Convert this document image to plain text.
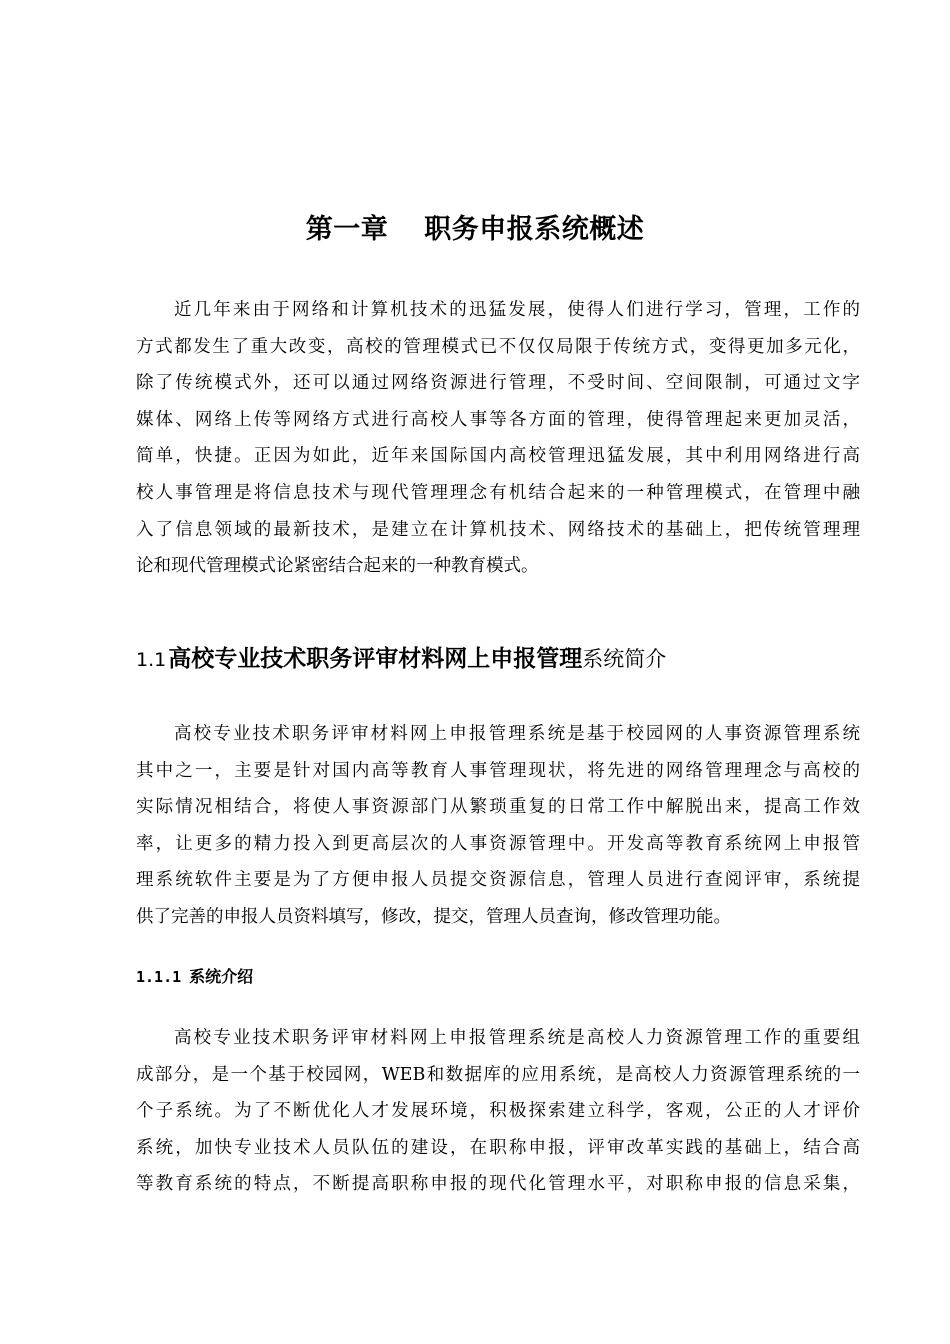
第一章 职务申报系统概述
近几年来由于网络和计算机技术的迅猛发展，使得人们进行学习，管理，工作的
方式都发生了重大改变，高校的管理模式已不仅仅局限于传统方式，变得更加多元化，
除了传统模式外，还可以通过网络资源进行管理，不受时间、空间限制，可通过文字
媒体、网络上传等网络方式进行高校人事等各方面的管理，使得管理起来更加灵活，
简单，快捷。正因为如此，近年来国际国内高校管理迅猛发展，其中利用网络进行高
校人事管理是将信息技术与现代管理理念有机结合起来的一种管理模式，在管理中融
入了信息领域的最新技术，是建立在计算机技术、网络技术的基础上，把传统管理理
论和现代管理模式论紧密结合起来的一种教育模式。
1.1高校专业技术职务评审材料网上申报管理系统简介
高校专业技术职务评审材料网上申报管理系统是基于校园网的人事资源管理系统
其中之一，主要是针对国内高等教育人事管理现状，将先进的网络管理理念与高校的
实际情况相结合，将使人事资源部门从繁琐重复的日常工作中解脱出来，提高工作效
率，让更多的精力投入到更高层次的人事资源管理中。开发高等教育系统网上申报管
理系统软件主要是为了方便申报人员提交资源信息，管理人员进行查阅评审，系统提
供了完善的申报人员资料填写，修改，提交，管理人员查询，修改管理功能。
1.1.1 系统介绍
高校专业技术职务评审材料网上申报管理系统是高校人力资源管理工作的重要组
成部分，是一个基于校园网，WEB和数据库的应用系统，是高校人力资源管理系统的一
个子系统。为了不断优化人才发展环境，积极探索建立科学，客观，公正的人才评价
系统，加快专业技术人员队伍的建设，在职称申报，评审改革实践的基础上，结合高
等教育系统的特点，不断提高职称申报的现代化管理水平，对职称申报的信息采集，
